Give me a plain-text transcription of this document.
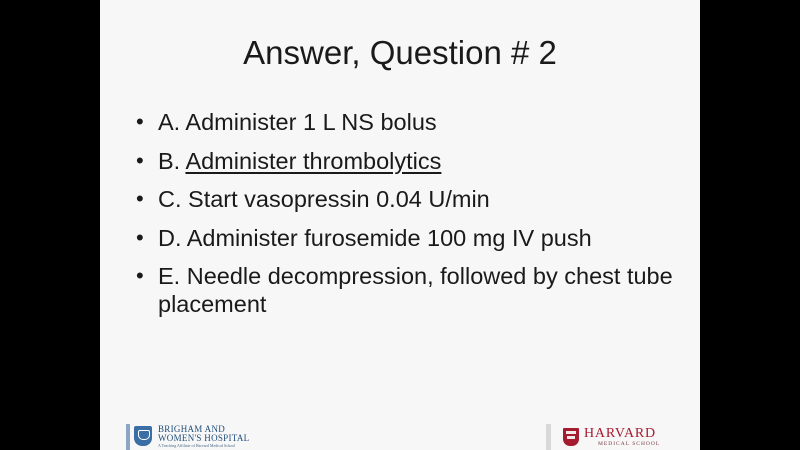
Answer, Question # 2
• A. Administer 1 L NS bolus
• B. Administer thrombolytics
• C. Start vasopressin 0.04 U/min
• D. Administer furosemide 100 mg IV push
• E. Needle decompression, followed by chest tube placement
BRIGHAM AND
WOMEN'S HOSPITAL
A Teaching Affiliate of Harvard Medical School
HARVARD
MEDICAL SCHOOL
